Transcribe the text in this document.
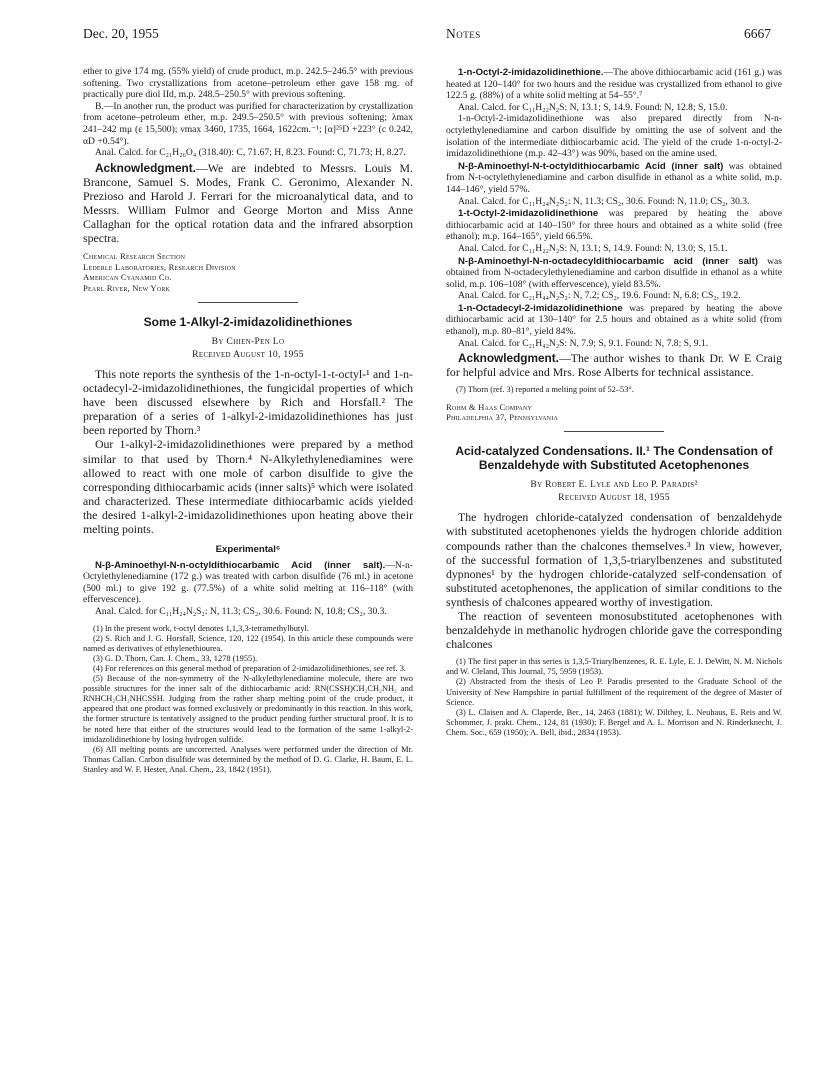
Dec. 20, 1955	Notes	6667

ether to give 174 mg. (55% yield) of crude product, m.p. 242.5–246.5° with previous softening. Two crystallizations from acetone–petroleum ether gave 158 mg. of practically pure diol IId, m.p. 248.5–250.5° with previous softening.

B.—In another run, the product was purified for characterization by crystallization from acetone–petroleum ether, m.p. 249.5–250.5° with previous softening; λmax 241–242 mμ (ε 15,500); νmax 3460, 1735, 1664, 1622cm.⁻¹; [α]²⁵D +223° (c 0.242, αD +0.54°).

Anal. Calcd. for C₂₁H₂₆O₄ (318.40): C, 71.67; H, 8.23. Found: C, 71.73; H, 8.27.

Acknowledgment.—We are indebted to Messrs. Louis M. Brancone, Samuel S. Modes, Frank C. Geronimo, Alexander N. Prezioso and Harold J. Ferrari for the microanalytical data, and to Messrs. William Fulmor and George Morton and Miss Anne Callaghan for the optical rotation data and the infrared absorption spectra.

Chemical Research Section
Lederle Laboratories, Research Division
American Cyanamid Co.
Pearl River, New York
Some 1-Alkyl-2-imidazolidinethiones
By Chien-Pen Lo
Received August 10, 1955

This note reports the synthesis of the 1-n-octyl-1-t-octyl-¹ and 1-n-octadecyl-2-imidazolidinethiones, the fungicidal properties of which have been discussed elsewhere by Rich and Horsfall.² The preparation of a series of 1-alkyl-2-imidazolidinethiones has just been reported by Thorn.³

Our 1-alkyl-2-imidazolidinethiones were prepared by a method similar to that used by Thorn.⁴ N-Alkylethylenediamines were allowed to react with one mole of carbon disulfide to give the corresponding dithiocarbamic acids (inner salts)⁵ which were isolated and characterized. These intermediate dithiocarbamic acids yielded the desired 1-alkyl-2-imidazolidinethiones upon heating above their melting points.

Experimental⁶

N-β-Aminoethyl-N-n-octyldithiocarbamic Acid (inner salt).—N-n-Octylethylenediamine (172 g.) was treated with carbon disulfide (76 ml.) in acetone (500 ml.) to give 192 g. (77.5%) of a white solid melting at 116–118° (with effervescence).

Anal. Calcd. for C₁₁H₂₄N₂S₂: N, 11.3; CS₂, 30.6. Found: N, 10.8; CS₂, 30.3.

(1) In the present work, t-octyl denotes 1,1,3,3-tetramethylbutyl.

(2) S. Rich and J. G. Horsfall, Science, 120, 122 (1954). In this article these compounds were named as derivatives of ethylenethiourea.

(3) G. D. Thorn, Can. J. Chem., 33, 1278 (1955).

(4) For references on this general method of preparation of 2-imidazolidinethiones, see ref. 3.

(5) Because of the non-symmetry of the N-alkylethylenediamine molecule, there are two possible structures for the inner salt of the dithiocarbamic acid: RN(CSSH)CH₂CH₂NH₂ and RNHCH₂CH₂NHCSSH. Judging from the rather sharp melting point of the crude product, it appeared that one product was formed exclusively or predominantly in this reaction. In this work, the former structure is tentatively assigned to the product pending further structural proof. It is to be noted here that either of the structures would lead to the formation of the same 1-alkyl-2-imidazolidinethione by losing hydrogen sulfide.

(6) All melting points are uncorrected. Analyses were performed under the direction of Mr. Thomas Callan. Carbon disulfide was determined by the method of D. G. Clarke, H. Baum, E. L. Stanley and W. F. Hester, Anal. Chem., 23, 1842 (1951).

1-n-Octyl-2-imidazolidinethione.—The above dithiocarbamic acid (161 g.) was heated at 120–140° for two hours and the residue was crystallized from ethanol to give 122.5 g. (88%) of a white solid melting at 54–55°.⁷

Anal. Calcd. for C₁₁H₂₂N₂S: N, 13.1; S, 14.9. Found: N, 12.8; S, 15.0.

1-n-Octyl-2-imidazolidinethione was also prepared directly from N-n-octylethylenediamine and carbon disulfide by omitting the use of solvent and the isolation of the intermediate dithiocarbamic acid. The yield of the crude 1-n-octyl-2-imidazolidinethione (m.p. 42–43°) was 90%, based on the amine used.

N-β-Aminoethyl-N-t-octyldithiocarbamic Acid (inner salt) was obtained from N-t-octylethylenediamine and carbon disulfide in ethanol as a white solid, m.p. 144–146°, yield 57%.

Anal. Calcd. for C₁₁H₂₄N₂S₂: N, 11.3; CS₂, 30.6. Found: N, 11.0; CS₂, 30.3.

1-t-Octyl-2-imidazolidinethione was prepared by heating the above dithiocarbamic acid at 140–150° for three hours and obtained as a white solid (free ethanol); m.p. 164–165°, yield 66.5%.

Anal. Calcd. for C₁₁H₂₂N₂S: N, 13.1; S, 14.9. Found: N, 13.0; S, 15.1.

N-β-Aminoethyl-N-n-octadecyldithiocarbamic acid (inner salt) was obtained from N-octadecylethylenediamine and carbon disulfide in ethanol as a white solid, m.p. 106–108° (with effervescence), yield 83.5%.

Anal. Calcd. for C₂₁H₄₄N₂S₂: N, 7.2; CS₂, 19.6. Found: N, 6.8; CS₂, 19.2.

1-n-Octadecyl-2-imidazolidinethione was prepared by heating the above dithiocarbamic acid at 130–140° for 2.5 hours and obtained as a white solid (from ethanol), m.p. 80–81°, yield 84%.

Anal. Calcd. for C₂₁H₄₂N₂S: N, 7.9; S, 9.1. Found: N, 7.8; S, 9.1.

Acknowledgment.—The author wishes to thank Dr. W E Craig for helpful advice and Mrs. Rose Alberts for technical assistance.

(7) Thorn (ref. 3) reported a melting point of 52–53°.

Rohm & Haas Company
Philadelphia 37, Pennsylvania
Acid-catalyzed Condensations. II.¹ The Condensation of Benzaldehyde with Substituted Acetophenones
By Robert E. Lyle and Leo P. Paradis²
Received August 18, 1955

The hydrogen chloride-catalyzed condensation of benzaldehyde with substituted acetophenones yields the hydrogen chloride addition compounds rather than the chalcones themselves.³ In view, however, of the successful formation of 1,3,5-triarylbenzenes and substituted dypnones¹ by the hydrogen chloride-catalyzed self-condensation of substituted acetophenones, the application of similar conditions to the synthesis of chalcones appeared worthy of investigation.

The reaction of seventeen monosubstituted acetophenones with benzaldehyde in methanolic hydrogen chloride gave the corresponding chalcones

(1) The first paper in this series is 1,3,5-Triarylbenzenes, R. E. Lyle, E. J. DeWitt, N. M. Nichols and W. Cleland, This Journal, 75, 5959 (1953).

(2) Abstracted from the thesis of Leo P. Paradis presented to the Graduate School of the University of New Hampshire in partial fulfillment of the requirement of the degree of Master of Science.

(3) L. Claisen and A. Claperde, Ber., 14, 2463 (1881); W. Dilthey, L. Neuhaus, E. Reis and W. Schommer, J. prakt. Chem., 124, 81 (1930); F. Bergel and A. L. Morrison and N. Rinderknecht, J. Chem. Soc., 659 (1950); A. Bell, ibid., 2834 (1953).
